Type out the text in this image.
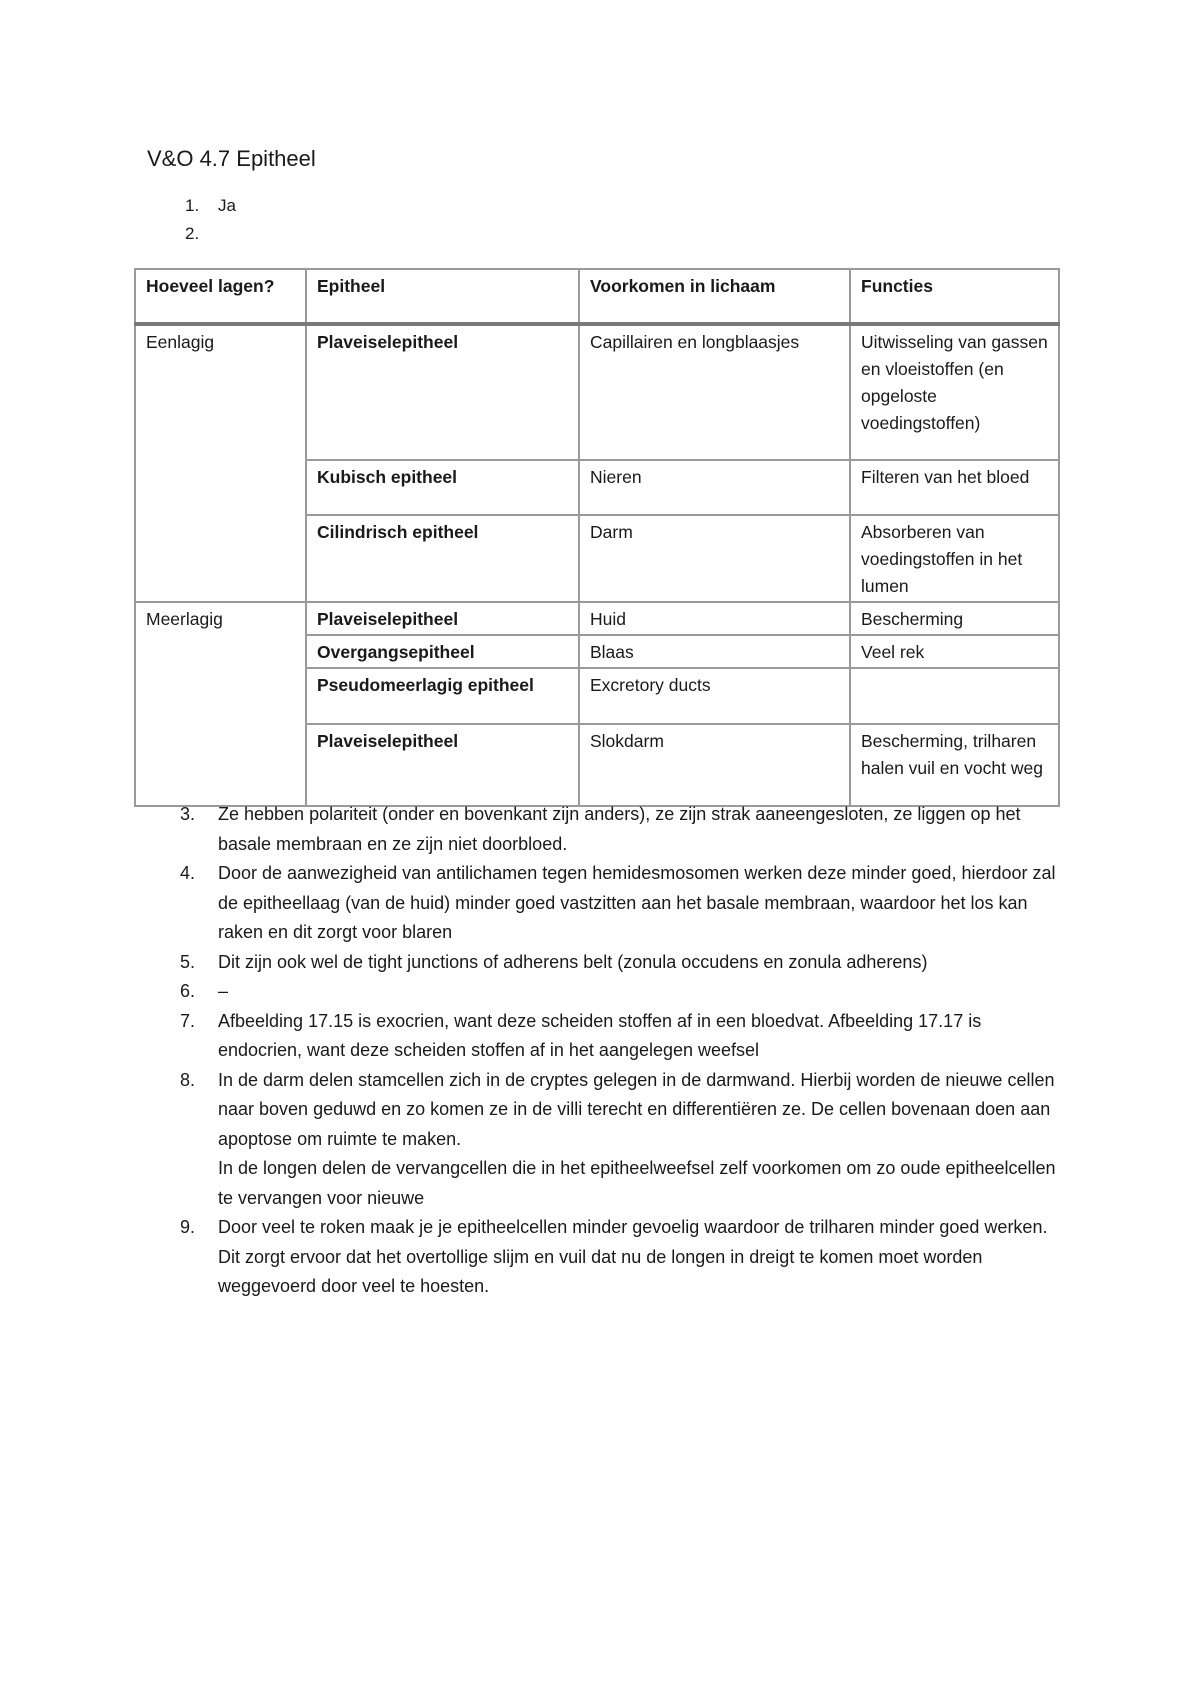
V&O 4.7 Epitheel
1.	Ja
2.
Hoeveel lagen?	Epitheel	Voorkomen in lichaam	Functies
Eenlagig	Plaveiselepitheel	Capillairen en longblaasjes	Uitwisseling van gassen en vloeistoffen (en opgeloste voedingstoffen)
	Kubisch epitheel	Nieren	Filteren van het bloed
	Cilindrisch epitheel	Darm	Absorberen van voedingstoffen in het lumen
Meerlagig	Plaveiselepitheel	Huid	Bescherming
	Overgangsepitheel	Blaas	Veel rek
	Pseudomeerlagig epitheel	Excretory ducts	
	Plaveiselepitheel	Slokdarm	Bescherming, trilharen halen vuil en vocht weg
3.	Ze hebben polariteit (onder en bovenkant zijn anders), ze zijn strak aaneengesloten, ze liggen op het basale membraan en ze zijn niet doorbloed.
4.	Door de aanwezigheid van antilichamen tegen hemidesmosomen werken deze minder goed, hierdoor zal de epitheellaag (van de huid) minder goed vastzitten aan het basale membraan, waardoor het los kan raken en dit zorgt voor blaren
5.	Dit zijn ook wel de tight junctions of adherens belt (zonula occudens en zonula adherens)
6.	–
7.	Afbeelding 17.15 is exocrien, want deze scheiden stoffen af in een bloedvat. Afbeelding 17.17 is endocrien, want deze scheiden stoffen af in het aangelegen weefsel
8.	In de darm delen stamcellen zich in de cryptes gelegen in de darmwand. Hierbij worden de nieuwe cellen naar boven geduwd en zo komen ze in de villi terecht en differentiëren ze. De cellen bovenaan doen aan apoptose om ruimte te maken.
In de longen delen de vervangcellen die in het epitheelweefsel zelf voorkomen om zo oude epitheelcellen te vervangen voor nieuwe
9.	Door veel te roken maak je je epitheelcellen minder gevoelig waardoor de trilharen minder goed werken. Dit zorgt ervoor dat het overtollige slijm en vuil dat nu de longen in dreigt te komen moet worden weggevoerd door veel te hoesten.
